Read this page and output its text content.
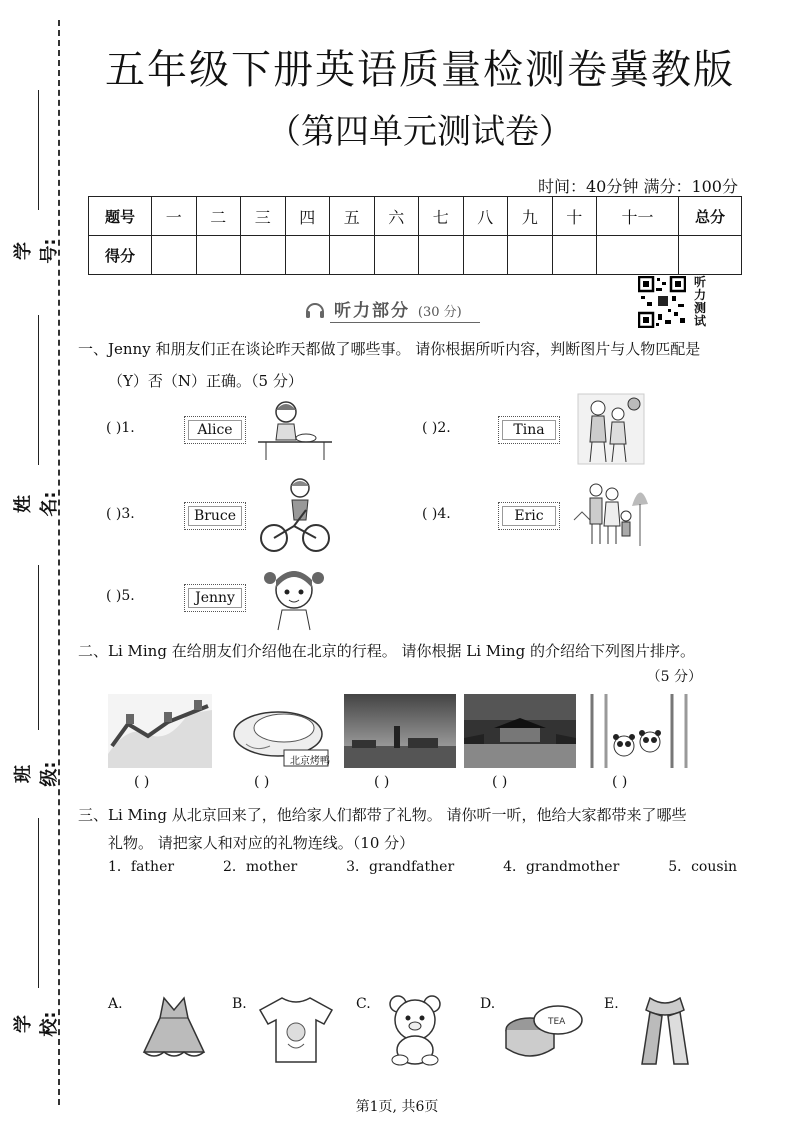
学号:
姓名:
班级:
学校:
五年级下册英语质量检测卷冀教版
（第四单元测试卷）
时间：40分钟 满分：100分
题号	一	二	三	四	五	六	七	八	九	十	十一	总分
得分												
听力测试
听力部分 (30 分)
一、Jenny 和朋友们正在谈论昨天都做了哪些事。 请你根据所听内容，判断图片与人物匹配是
（Y）否（N）正确。（5 分）
( )1.	Alice	( )2.	Tina
( )3.	Bruce	( )4.	Eric
( )5.	Jenny
二、Li Ming 在给朋友们介绍他在北京的行程。 请你根据 Li Ming 的介绍给下列图片排序。
（5 分）
北京烤鸭
( )	( )	( )	( )	( )
三、Li Ming 从北京回来了，他给家人们都带了礼物。 请你听一听，他给大家都带来了哪些
礼物。 请把家人和对应的礼物连线。（10 分）
1．father	2．mother	3．grandfather	4．grandmother	5．cousin
A.	B.	C.	D.
TEA
E.
第1页, 共6页
